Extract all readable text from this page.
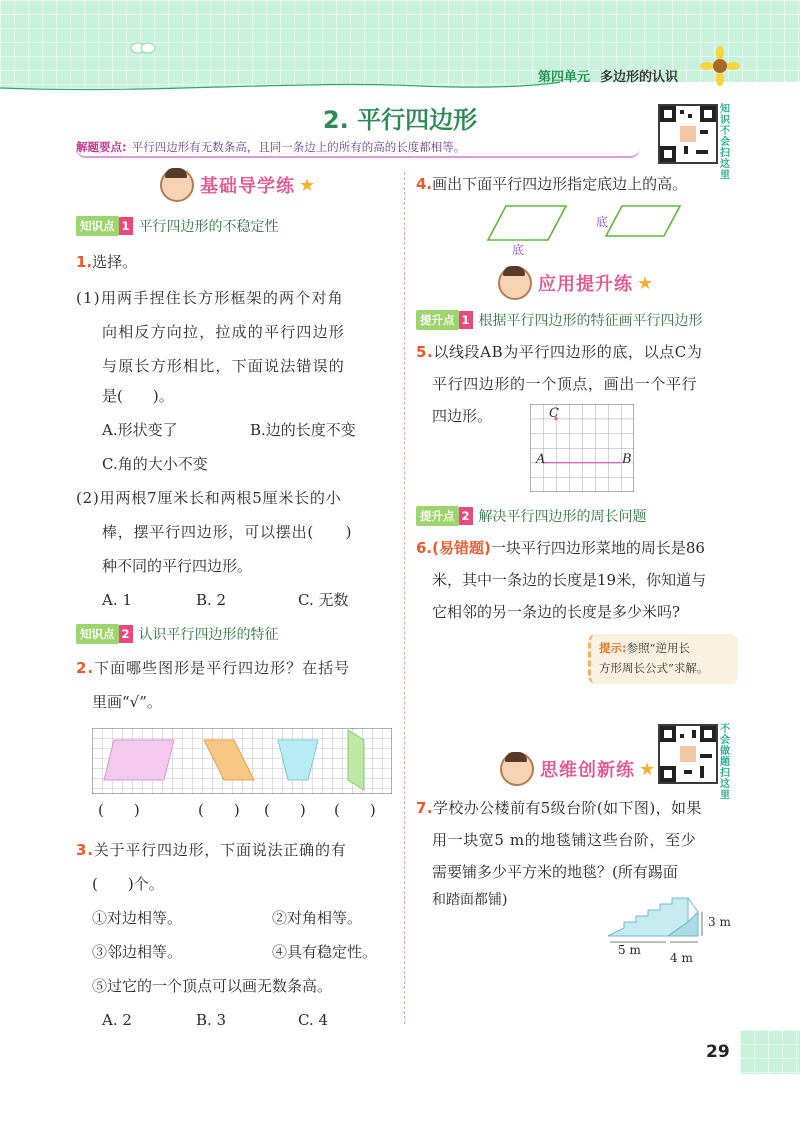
第四单元 多边形的认识
2. 平行四边形
解题要点: 平行四边形有无数条高，且同一条边上的所有的高的长度都相等。
知识不会扫这里
基础导学练 ★
知识点 1 平行四边形的不稳定性
1.选择。
(1)用两手捏住长方形框架的两个对角
向相反方向拉，拉成的平行四边形
与原长方形相比，下面说法错误的
是(　　)。
A.形状变了	B.边的长度不变
C.角的大小不变
(2)用两根7厘米长和两根5厘米长的小
棒，摆平行四边形，可以摆出(　　)
种不同的平行四边形。
A. 1	B. 2	C. 无数
知识点 2 认识平行四边形的特征
2.下面哪些图形是平行四边形？在括号
里画“√”。
(　　)	(　　) (　　) (　　)
3.关于平行四边形，下面说法正确的有
(　　)个。
①对边相等。	②对角相等。
③邻边相等。	④具有稳定性。
⑤过它的一个顶点可以画无数条高。
A. 2	B. 3	C. 4
4.画出下面平行四边形指定底边上的高。
底
底
应用提升练 ★
提升点 1 根据平行四边形的特征画平行四边形
5.以线段AB为平行四边形的底，以点C为
平行四边形的一个顶点，画出一个平行
四边形。
A	B
C
提升点 2 解决平行四边形的周长问题
6.(易错题)一块平行四边形菜地的周长是86
米，其中一条边的长度是19米，你知道与
它相邻的另一条边的长度是多少米吗?
提示:参照“逆用长
方形周长公式”求解。
不会做题扫这里
思维创新练 ★
7.学校办公楼前有5级台阶(如下图)，如果
用一块宽5 m的地毯铺这些台阶，至少
需要铺多少平方米的地毯？(所有踢面
和踏面都铺)
3 m
5 m
4 m
29
